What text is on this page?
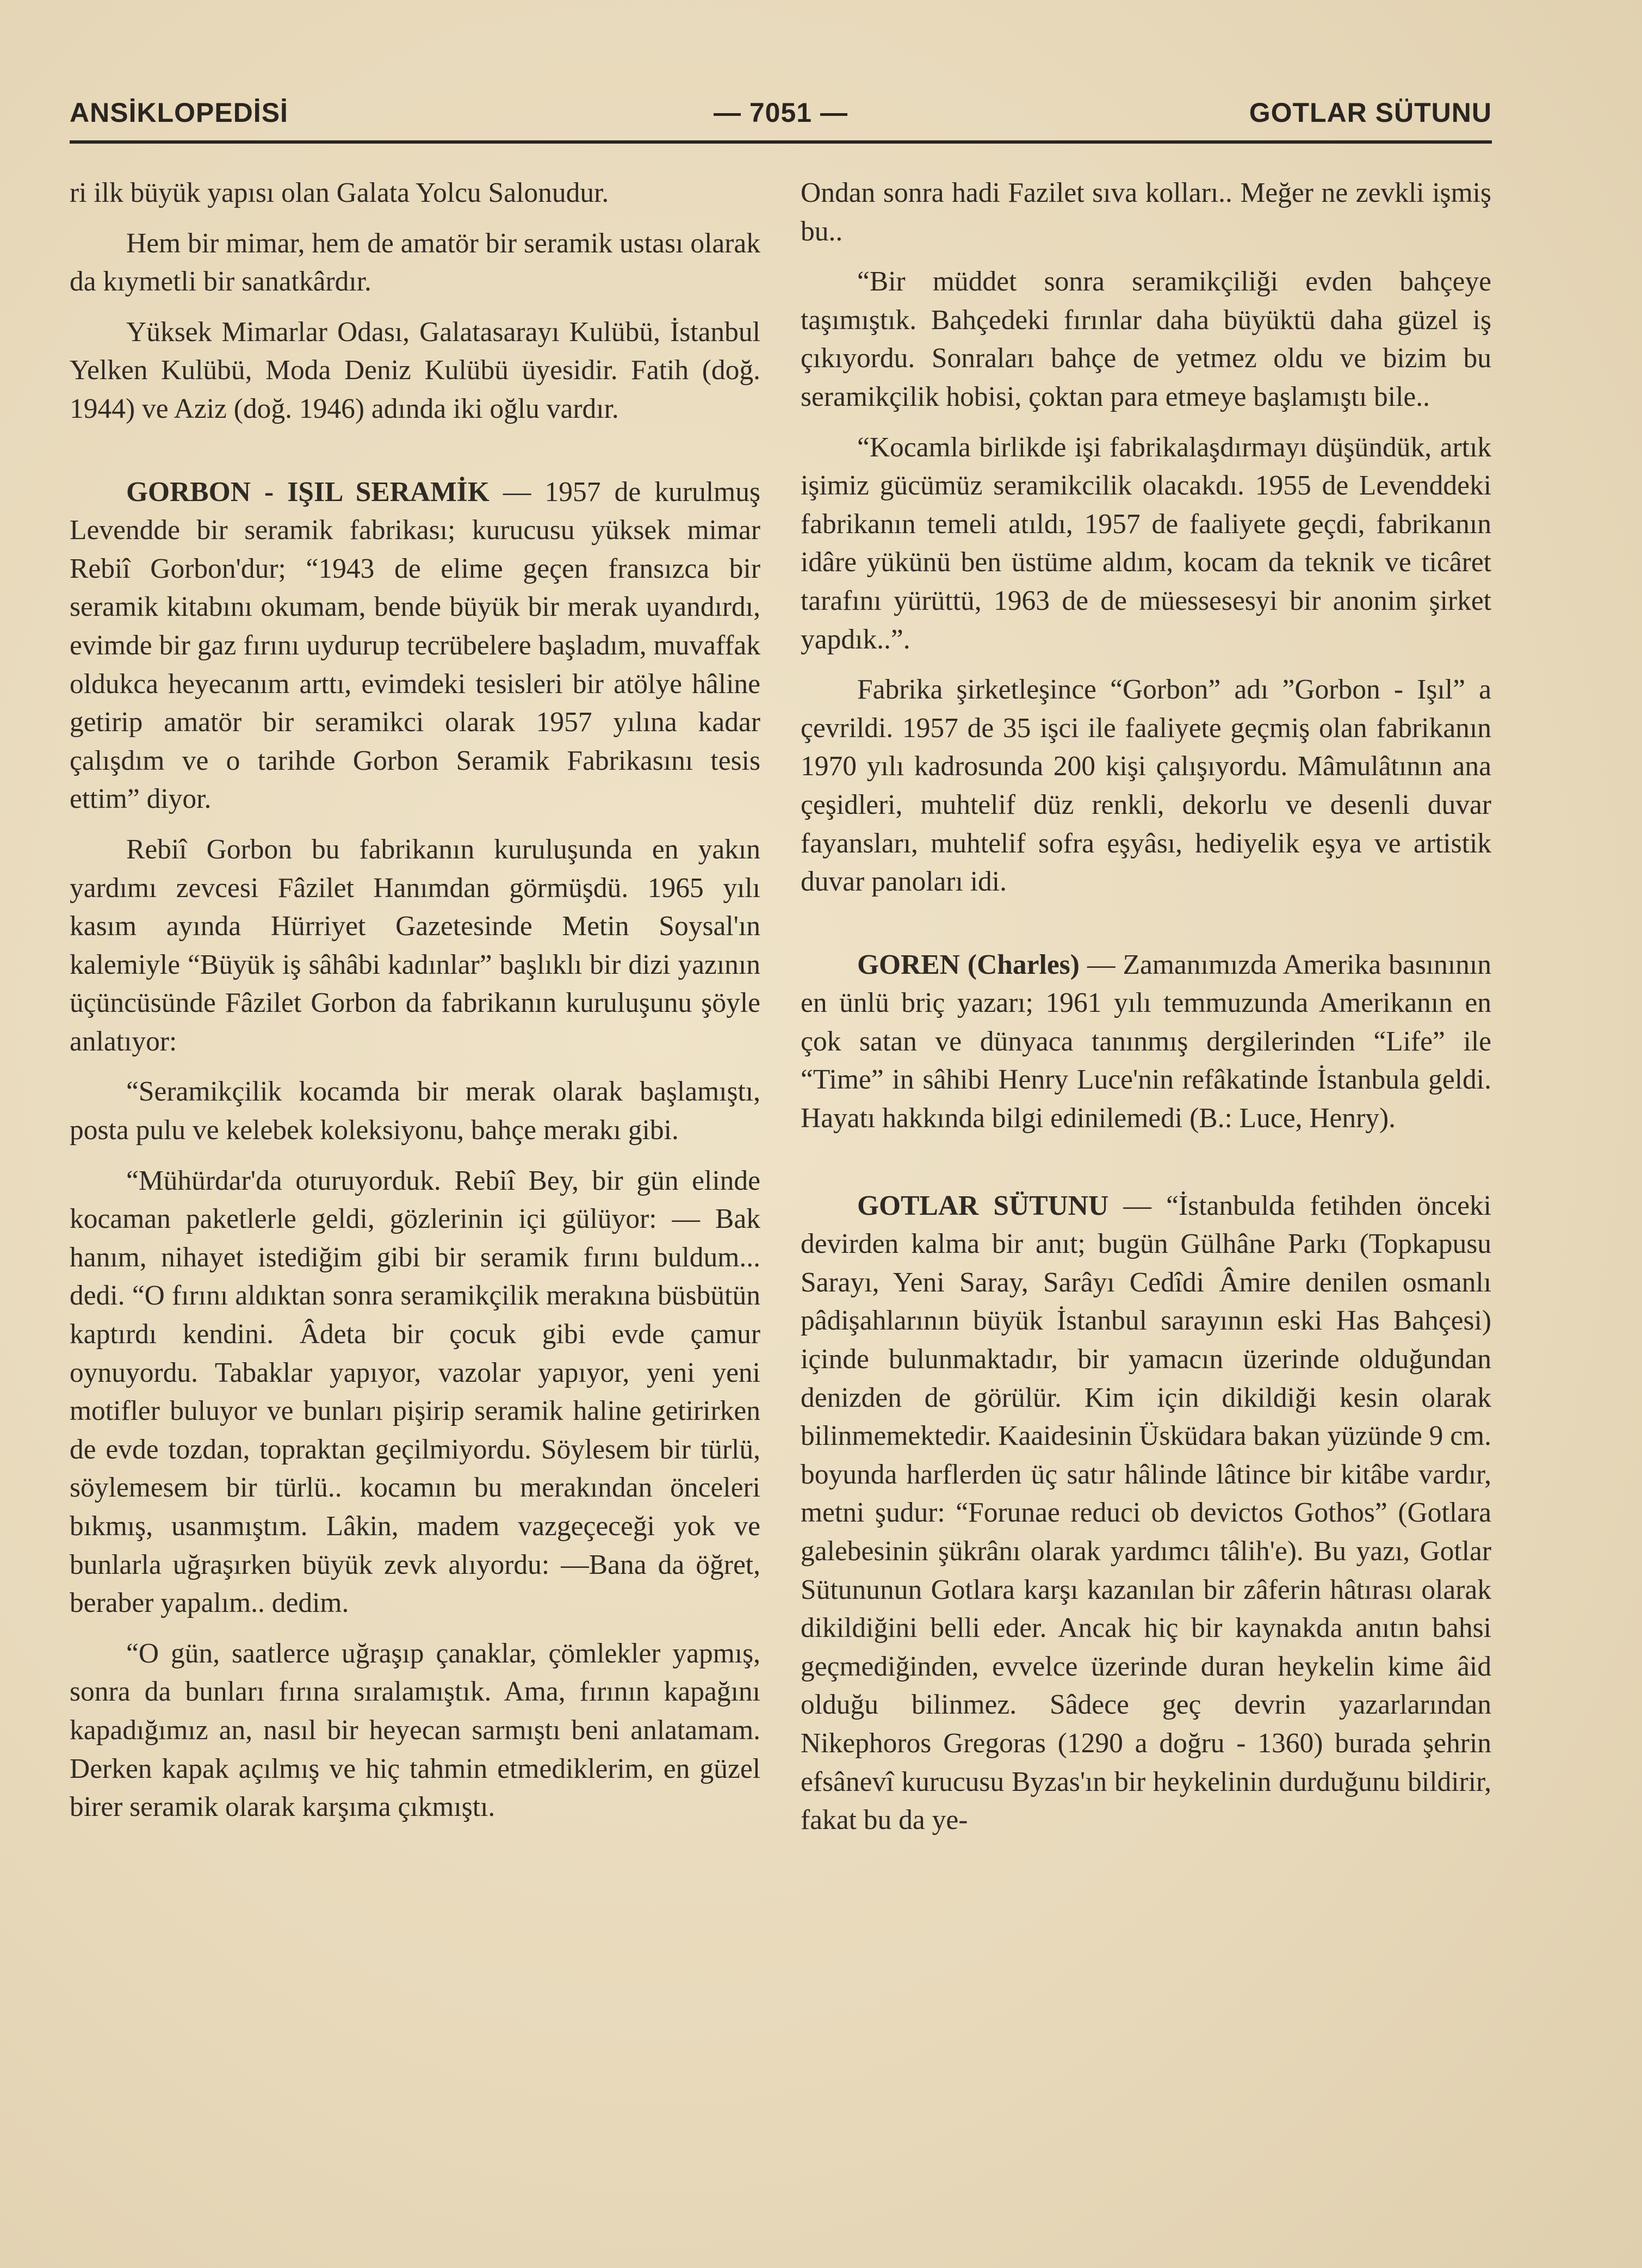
ANSİKLOPEDİSİ	— 7051 —	GOTLAR SÜTUNU

ri ilk büyük yapısı olan Galata Yolcu Salonudur.

Hem bir mimar, hem de amatör bir seramik ustası olarak da kıymetli bir sanatkârdır.

Yüksek Mimarlar Odası, Galatasarayı Kulübü, İstanbul Yelken Kulübü, Moda Deniz Kulübü üyesidir. Fatih (doğ. 1944) ve Aziz (doğ. 1946) adında iki oğlu vardır.

GORBON - IŞIL SERAMİK — 1957 de kurulmuş Levendde bir seramik fabrikası; kurucusu yüksek mimar Rebiî Gorbon'dur; “1943 de elime geçen fransızca bir seramik kitabını okumam, bende büyük bir merak uyandırdı, evimde bir gaz fırını uydurup tecrübelere başladım, muvaffak oldukca heyecanım arttı, evimdeki tesisleri bir atölye hâline getirip amatör bir seramikci olarak 1957 yılına kadar çalışdım ve o tarihde Gorbon Seramik Fabrikasını tesis ettim” diyor.

Rebiî Gorbon bu fabrikanın kuruluşunda en yakın yardımı zevcesi Fâzilet Hanımdan görmüşdü. 1965 yılı kasım ayında Hürriyet Gazetesinde Metin Soysal'ın kalemiyle “Büyük iş sâhâbi kadınlar” başlıklı bir dizi yazının üçüncüsünde Fâzilet Gorbon da fabrikanın kuruluşunu şöyle anlatıyor:

“Seramikçilik kocamda bir merak olarak başlamıştı, posta pulu ve kelebek koleksiyonu, bahçe merakı gibi.

“Mühürdar'da oturuyorduk. Rebiî Bey, bir gün elinde kocaman paketlerle geldi, gözlerinin içi gülüyor: — Bak hanım, nihayet istediğim gibi bir seramik fırını buldum... dedi. “O fırını aldıktan sonra seramikçilik merakına büsbütün kaptırdı kendini. Âdeta bir çocuk gibi evde çamur oynuyordu. Tabaklar yapıyor, vazolar yapıyor, yeni yeni motifler buluyor ve bunları pişirip seramik haline getirirken de evde tozdan, topraktan geçilmiyordu. Söylesem bir türlü, söylemesem bir türlü.. kocamın bu merakından önceleri bıkmış, usanmıştım. Lâkin, madem vazgeçeceği yok ve bunlarla uğraşırken büyük zevk alıyordu: —Bana da öğret, beraber yapalım.. dedim.

“O gün, saatlerce uğraşıp çanaklar, çömlekler yapmış, sonra da bunları fırına sıralamıştık. Ama, fırının kapağını kapadığımız an, nasıl bir heyecan sarmıştı beni anlatamam. Derken kapak açılmış ve hiç tahmin etmediklerim, en güzel birer seramik olarak karşıma çıkmıştı.

Ondan sonra hadi Fazilet sıva kolları.. Meğer ne zevkli işmiş bu..

“Bir müddet sonra seramikçiliği evden bahçeye taşımıştık. Bahçedeki fırınlar daha büyüktü daha güzel iş çıkıyordu. Sonraları bahçe de yetmez oldu ve bizim bu seramikçilik hobisi, çoktan para etmeye başlamıştı bile..

“Kocamla birlikde işi fabrikalaşdırmayı düşündük, artık işimiz gücümüz seramikcilik olacakdı. 1955 de Levenddeki fabrikanın temeli atıldı, 1957 de faaliyete geçdi, fabrikanın idâre yükünü ben üstüme aldım, kocam da teknik ve ticâret tarafını yürüttü, 1963 de de müessesesyi bir anonim şirket yapdık..”.

Fabrika şirketleşince “Gorbon” adı ”Gorbon - Işıl” a çevrildi. 1957 de 35 işci ile faaliyete geçmiş olan fabrikanın 1970 yılı kadrosunda 200 kişi çalışıyordu. Mâmulâtının ana çeşidleri, muhtelif düz renkli, dekorlu ve desenli duvar fayansları, muhtelif sofra eşyâsı, hediyelik eşya ve artistik duvar panoları idi.

GOREN (Charles) — Zamanımızda Amerika basınının en ünlü briç yazarı; 1961 yılı temmuzunda Amerikanın en çok satan ve dünyaca tanınmış dergilerinden “Life” ile “Time” in sâhibi Henry Luce'nin refâkatinde İstanbula geldi. Hayatı hakkında bilgi edinilemedi (B.: Luce, Henry).

GOTLAR SÜTUNU — “İstanbulda fetihden önceki devirden kalma bir anıt; bugün Gülhâne Parkı (Topkapusu Sarayı, Yeni Saray, Sarâyı Cedîdi Âmire denilen osmanlı pâdişahlarının büyük İstanbul sarayının eski Has Bahçesi) içinde bulunmaktadır, bir yamacın üzerinde olduğundan denizden de görülür. Kim için dikildiği kesin olarak bilinmemektedir. Kaaidesinin Üsküdara bakan yüzünde 9 cm. boyunda harflerden üç satır hâlinde lâtince bir kitâbe vardır, metni şudur: “Forunae reduci ob devictos Gothos” (Gotlara galebesinin şükrânı olarak yardımcı tâlih'e). Bu yazı, Gotlar Sütununun Gotlara karşı kazanılan bir zâferin hâtırası olarak dikildiğini belli eder. Ancak hiç bir kaynakda anıtın bahsi geçmediğinden, evvelce üzerinde duran heykelin kime âid olduğu bilinmez. Sâdece geç devrin yazarlarından Nikephoros Gregoras (1290 a doğru - 1360) burada şehrin efsânevî kurucusu Byzas'ın bir heykelinin durduğunu bildirir, fakat bu da ye-
